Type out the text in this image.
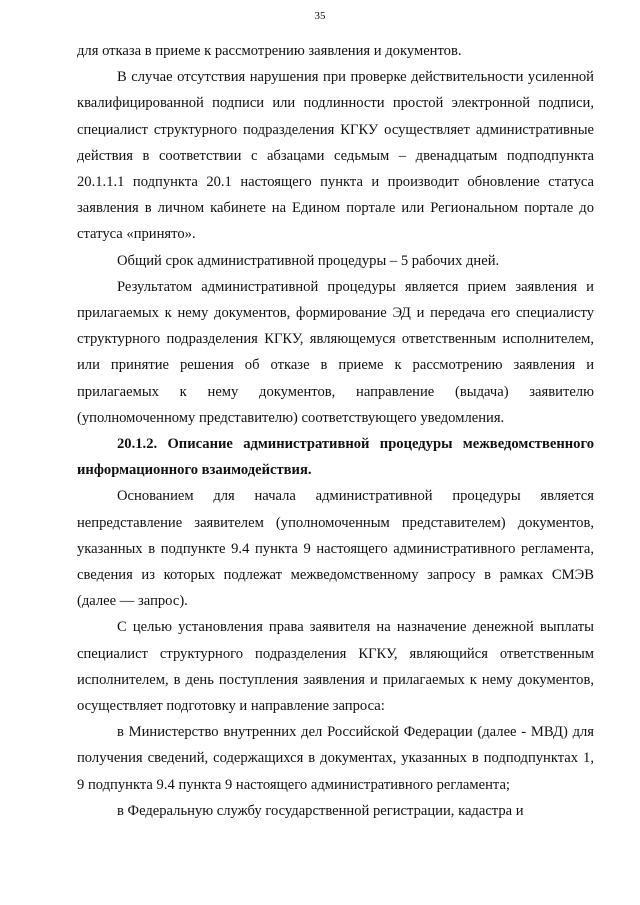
35

для отказа в приеме к рассмотрению заявления и документов.

В случае отсутствия нарушения при проверке действительности усиленной квалифицированной подписи или подлинности простой электронной подписи, специалист структурного подразделения КГКУ осуществляет административные действия в соответствии с абзацами седьмым – двенадцатым подподпункта 20.1.1.1 подпункта 20.1 настоящего пункта и производит обновление статуса заявления в личном кабинете на Едином портале или Региональном портале до статуса «принято».

Общий срок административной процедуры – 5 рабочих дней.

Результатом административной процедуры является прием заявления и прилагаемых к нему документов, формирование ЭД и передача его специалисту структурного подразделения КГКУ, являющемуся ответственным исполнителем, или принятие решения об отказе в приеме к рассмотрению заявления и прилагаемых к нему документов, направление (выдача) заявителю (уполномоченному представителю) соответствующего уведомления.

20.1.2. Описание административной процедуры межведомственного информационного взаимодействия.

Основанием для начала административной процедуры является непредставление заявителем (уполномоченным представителем) документов, указанных в подпункте 9.4 пункта 9 настоящего административного регламента, сведения из которых подлежат межведомственному запросу в рамках СМЭВ (далее — запрос).

С целью установления права заявителя на назначение денежной выплаты специалист структурного подразделения КГКУ, являющийся ответственным исполнителем, в день поступления заявления и прилагаемых к нему документов, осуществляет подготовку и направление запроса:

в Министерство внутренних дел Российской Федерации (далее - МВД) для получения сведений, содержащихся в документах, указанных в подподпунктах 1, 9 подпункта 9.4 пункта 9 настоящего административного регламента;

в Федеральную службу государственной регистрации, кадастра и
